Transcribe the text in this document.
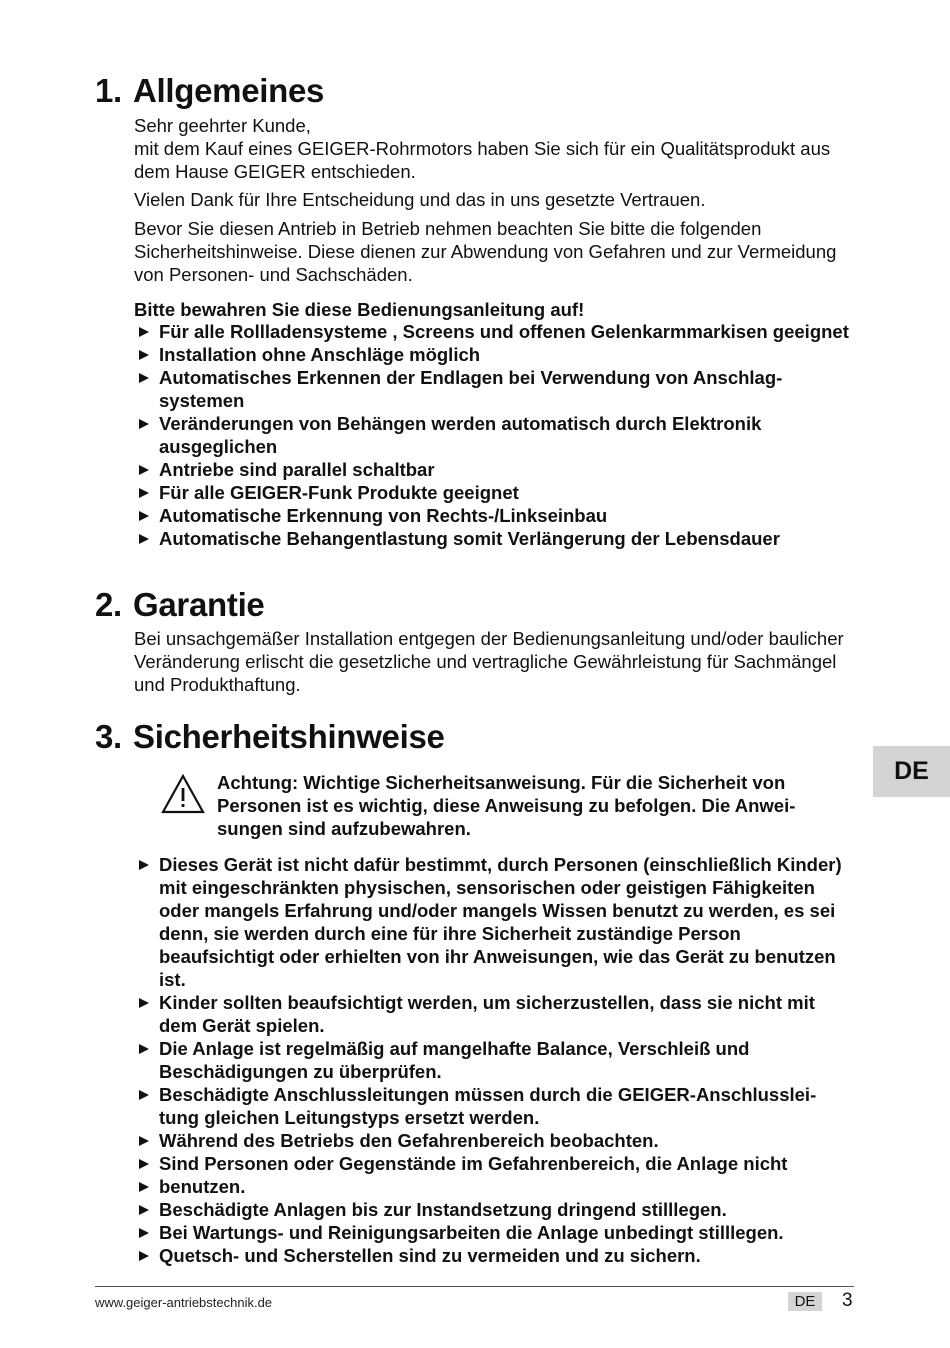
1. Allgemeines

Sehr geehrter Kunde,

mit dem Kauf eines GEIGER-Rohrmotors haben Sie sich für ein Qualitätsprodukt aus dem Hause GEIGER entschieden.

Vielen Dank für Ihre Entscheidung und das in uns gesetzte Vertrauen.

Bevor Sie diesen Antrieb in Betrieb nehmen beachten Sie bitte die folgenden Sicherheitshinweise. Diese dienen zur Abwendung von Gefahren und zur Vermeidung von Personen- und Sachschäden.

Bitte bewahren Sie diese Bedienungsanleitung auf!

Für alle Rollladensysteme , Screens und offenen Gelenkarmmarkisen geeignet
Installation ohne Anschläge möglich
Automatisches Erkennen der Endlagen bei Verwendung von Anschlagsystemen
Veränderungen von Behängen werden automatisch durch Elektronik ausgeglichen
Antriebe sind parallel schaltbar
Für alle GEIGER-Funk Produkte geeignet
Automatische Erkennung von Rechts-/Linkseinbau
Automatische Behangentlastung somit Verlängerung der Lebensdauer
2. Garantie

Bei unsachgemäßer Installation entgegen der Bedienungsanleitung und/oder baulicher Veränderung erlischt die gesetzliche und vertragliche Gewährleistung für Sachmängel und Produkthaftung.

3. Sicherheitshinweise

Achtung: Wichtige Sicherheitsanweisung. Für die Sicherheit von Personen ist es wichtig, diese Anweisung zu befolgen. Die Anweisungen sind aufzubewahren.

Dieses Gerät ist nicht dafür bestimmt, durch Personen (einschließlich Kinder) mit eingeschränkten physischen, sensorischen oder geistigen Fähigkeiten oder mangels Erfahrung und/oder mangels Wissen benutzt zu werden, es sei denn, sie werden durch eine für ihre Sicherheit zuständige Person beaufsichtigt oder erhielten von ihr Anweisungen, wie das Gerät zu benutzen ist.
Kinder sollten beaufsichtigt werden, um sicherzustellen, dass sie nicht mit dem Gerät spielen.
Die Anlage ist regelmäßig auf mangelhafte Balance, Verschleiß und Beschädigungen zu überprüfen.
Beschädigte Anschlussleitungen müssen durch die GEIGER-Anschlussleitung gleichen Leitungstyps ersetzt werden.
Während des Betriebs den Gefahrenbereich beobachten.
Sind Personen oder Gegenstände im Gefahrenbereich, die Anlage nicht
benutzen.
Beschädigte Anlagen bis zur Instandsetzung dringend stilllegen.
Bei Wartungs- und Reinigungsarbeiten die Anlage unbedingt stilllegen.
Quetsch- und Scherstellen sind zu vermeiden und zu sichern.
DE
www.geiger-antriebstechnik.de	DE	3
